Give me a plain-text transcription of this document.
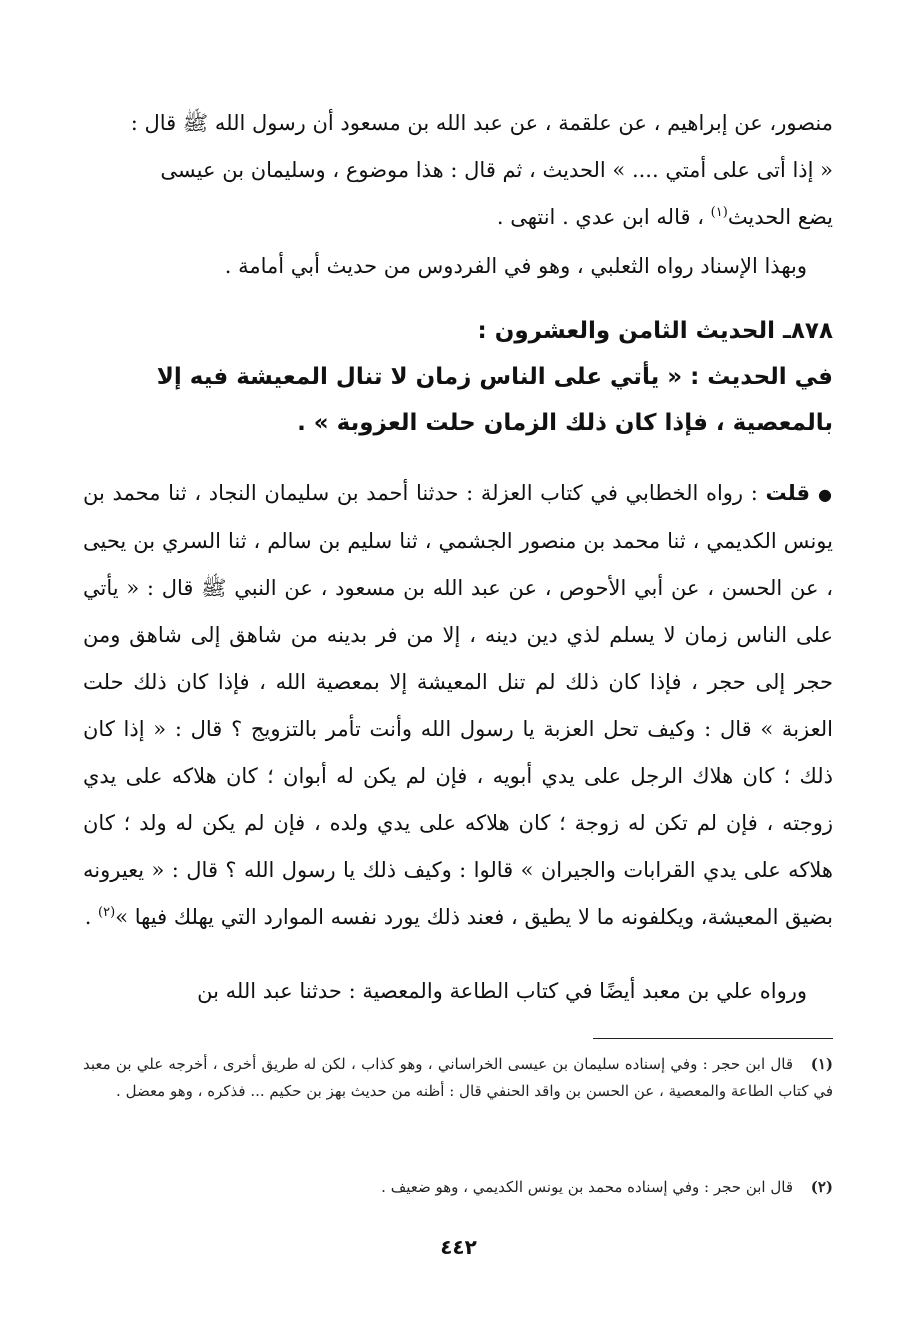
منصور، عن إبراهيم ، عن علقمة ، عن عبد الله بن مسعود أن رسول الله ﷺ قال :

« إذا أتى على أمتي .... » الحديث ، ثم قال : هذا موضوع ، وسليمان بن عيسى

يضع الحديث$^{(١)}$ ، قاله ابن عدي . انتهى .

وبهذا الإسناد رواه الثعلبي ، وهو في الفردوس من حديث أبي أمامة .
٨٧٨ـ الحديث الثامن والعشرون :
في الحديث : « يأتي على الناس زمان لا تنال المعيشة فيه إلا بالمعصية ، فإذا كان ذلك الزمان حلت العزوبة » .
●قلت : رواه الخطابي في كتاب العزلة : حدثنا أحمد بن سليمان النجاد ، ثنا محمد بن يونس الكديمي ، ثنا محمد بن منصور الجشمي ، ثنا سليم بن سالم ، ثنا السري بن يحيى ، عن الحسن ، عن أبي الأحوص ، عن عبد الله بن مسعود ، عن النبي ﷺ قال : « يأتي على الناس زمان لا يسلم لذي دين دينه ، إلا من فر بدينه من شاهق إلى شاهق ومن حجر إلى حجر ، فإذا كان ذلك لم تنل المعيشة إلا بمعصية الله ، فإذا كان ذلك حلت العزبة » قال : وكيف تحل العزبة يا رسول الله وأنت تأمر بالتزويج ؟ قال : « إذا كان ذلك ؛ كان هلاك الرجل على يدي أبويه ، فإن لم يكن له أبوان ؛ كان هلاكه على يدي زوجته ، فإن لم تكن له زوجة ؛ كان هلاكه على يدي ولده ، فإن لم يكن له ولد ؛ كان هلاكه على يدي القرابات والجيران » قالوا : وكيف ذلك يا رسول الله ؟ قال : « يعيرونه بضيق المعيشة، ويكلفونه ما لا يطيق ، فعند ذلك يورد نفسه الموارد التي يهلك فيها »$^{(٢)}$ .
ورواه علي بن معبد أيضًا في كتاب الطاعة والمعصية : حدثنا عبد الله بن
(١)قال ابن حجر : وفي إسناده سليمان بن عيسى الخراساني ، وهو كذاب ، لكن له طريق أخرى ، أخرجه علي بن معبد في كتاب الطاعة والمعصية ، عن الحسن بن واقد الحنفي قال : أظنه من حديث بهز بن حكيم ... فذكره ، وهو معضل .
(٢)قال ابن حجر : وفي إسناده محمد بن يونس الكديمي ، وهو ضعيف .
٤٤٢
